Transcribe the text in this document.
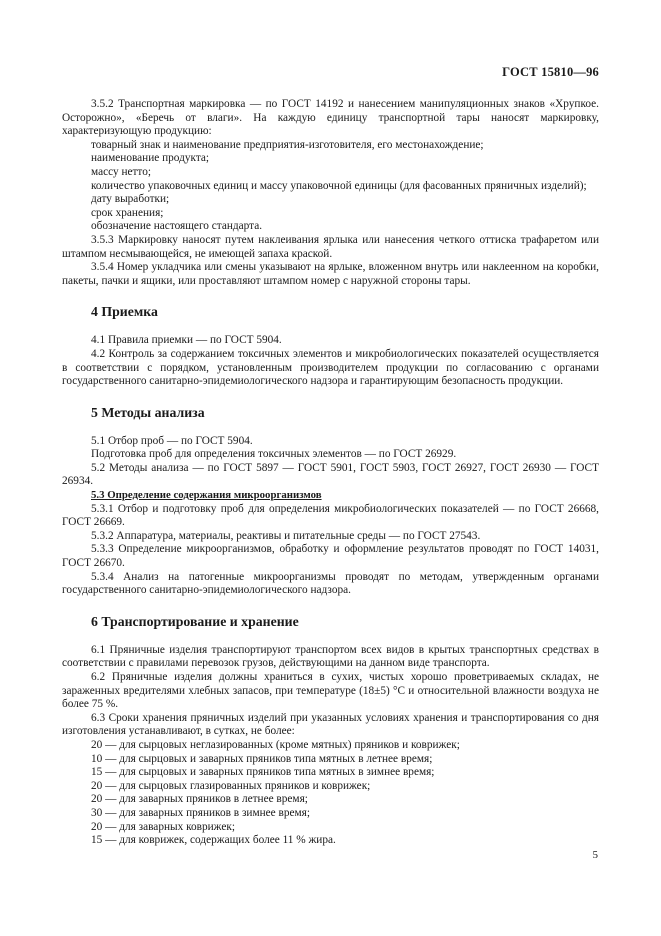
ГОСТ 15810—96

3.5.2 Транспортная маркировка — по ГОСТ 14192 и нанесением манипуляционных знаков «Хрупкое. Осторожно», «Беречь от влаги». На каждую единицу транспортной тары наносят маркировку, характеризующую продукцию:

товарный знак и наименование предприятия-изготовителя, его местонахождение;

наименование продукта;

массу нетто;

количество упаковочных единиц и массу упаковочной единицы (для фасованных пряничных изделий);

дату выработки;

срок хранения;

обозначение настоящего стандарта.

3.5.3 Маркировку наносят путем наклеивания ярлыка или нанесения четкого оттиска трафаретом или штампом несмывающейся, не имеющей запаха краской.

3.5.4 Номер укладчика или смены указывают на ярлыке, вложенном внутрь или наклеенном на коробки, пакеты, пачки и ящики, или проставляют штампом номер с наружной стороны тары.

4 Приемка

4.1 Правила приемки — по ГОСТ 5904.

4.2 Контроль за содержанием токсичных элементов и микробиологических показателей осуществляется в соответствии с порядком, установленным производителем продукции по согласованию с органами государственного санитарно-эпидемиологического надзора и гарантирующим безопасность продукции.

5 Методы анализа

5.1 Отбор проб — по ГОСТ 5904.

Подготовка проб для определения токсичных элементов — по ГОСТ 26929.

5.2 Методы анализа — по ГОСТ 5897 — ГОСТ 5901, ГОСТ 5903, ГОСТ 26927, ГОСТ 26930 — ГОСТ 26934.

5.3 Определение содержания микроорганизмов

5.3.1 Отбор и подготовку проб для определения микробиологических показателей — по ГОСТ 26668, ГОСТ 26669.

5.3.2 Аппаратура, материалы, реактивы и питательные среды — по ГОСТ 27543.

5.3.3 Определение микроорганизмов, обработку и оформление результатов проводят по ГОСТ 14031, ГОСТ 26670.

5.3.4 Анализ на патогенные микроорганизмы проводят по методам, утвержденным органами государственного санитарно-эпидемиологического надзора.

6 Транспортирование и хранение

6.1 Пряничные изделия транспортируют транспортом всех видов в крытых транспортных средствах в соответствии с правилами перевозок грузов, действующими на данном виде транспорта.

6.2 Пряничные изделия должны храниться в сухих, чистых хорошо проветриваемых складах, не зараженных вредителями хлебных запасов, при температуре (18±5) °С и относительной влажности воздуха не более 75 %.

6.3 Сроки хранения пряничных изделий при указанных условиях хранения и транспортирования со дня изготовления устанавливают, в сутках, не более:

20 — для сырцовых неглазированных (кроме мятных) пряников и коврижек;

10 — для сырцовых и заварных пряников типа мятных в летнее время;

15 — для сырцовых и заварных пряников типа мятных в зимнее время;

20 — для сырцовых глазированных пряников и коврижек;

20 — для заварных пряников в летнее время;

30 — для заварных пряников в зимнее время;

20 — для заварных коврижек;

15 — для коврижек, содержащих более 11 % жира.

5
